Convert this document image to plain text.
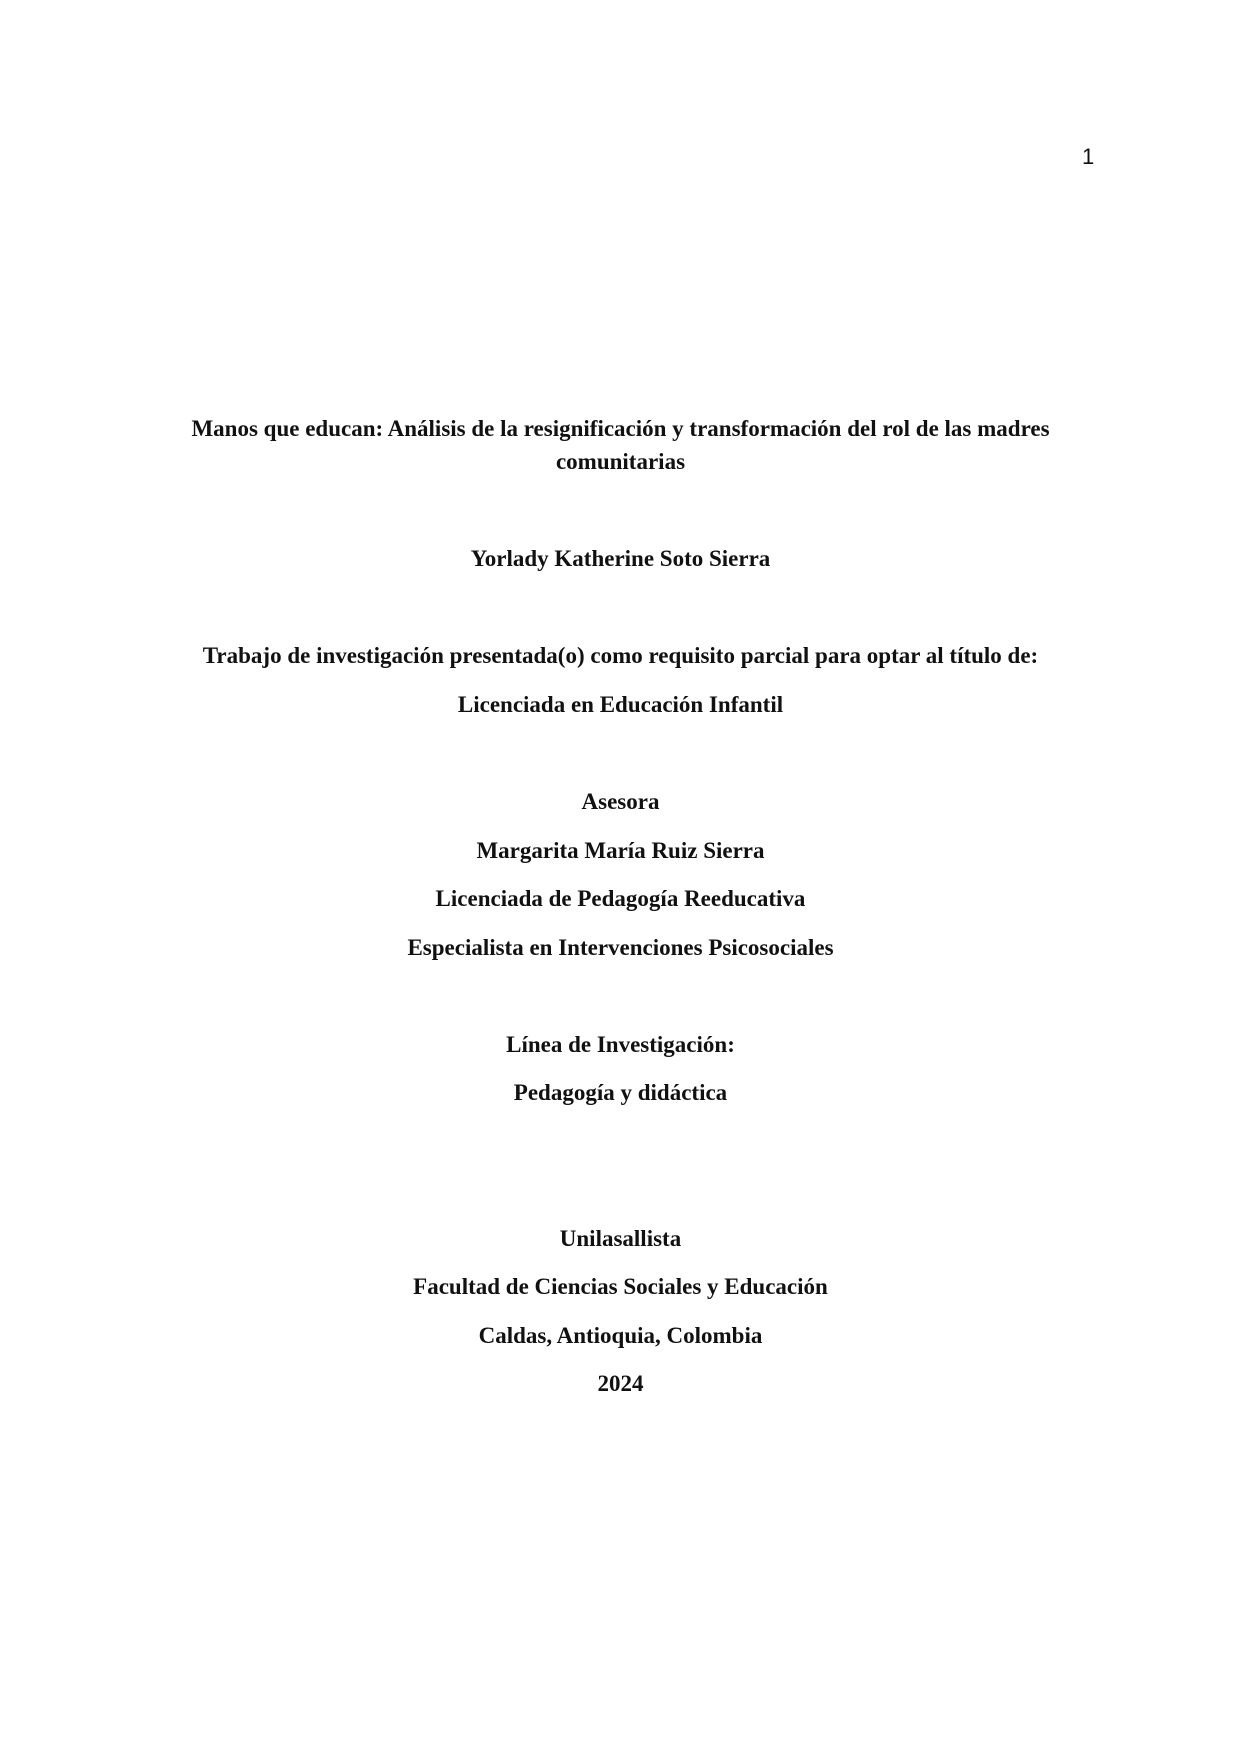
1
Manos que educan: Análisis de la resignificación y transformación del rol de las madres
comunitarias
Yorlady Katherine Soto Sierra
Trabajo de investigación presentada(o) como requisito parcial para optar al título de:
Licenciada en Educación Infantil
Asesora
Margarita María Ruiz Sierra
Licenciada de Pedagogía Reeducativa
Especialista en Intervenciones Psicosociales
Línea de Investigación:
Pedagogía y didáctica
Unilasallista
Facultad de Ciencias Sociales y Educación
Caldas, Antioquia, Colombia
2024
